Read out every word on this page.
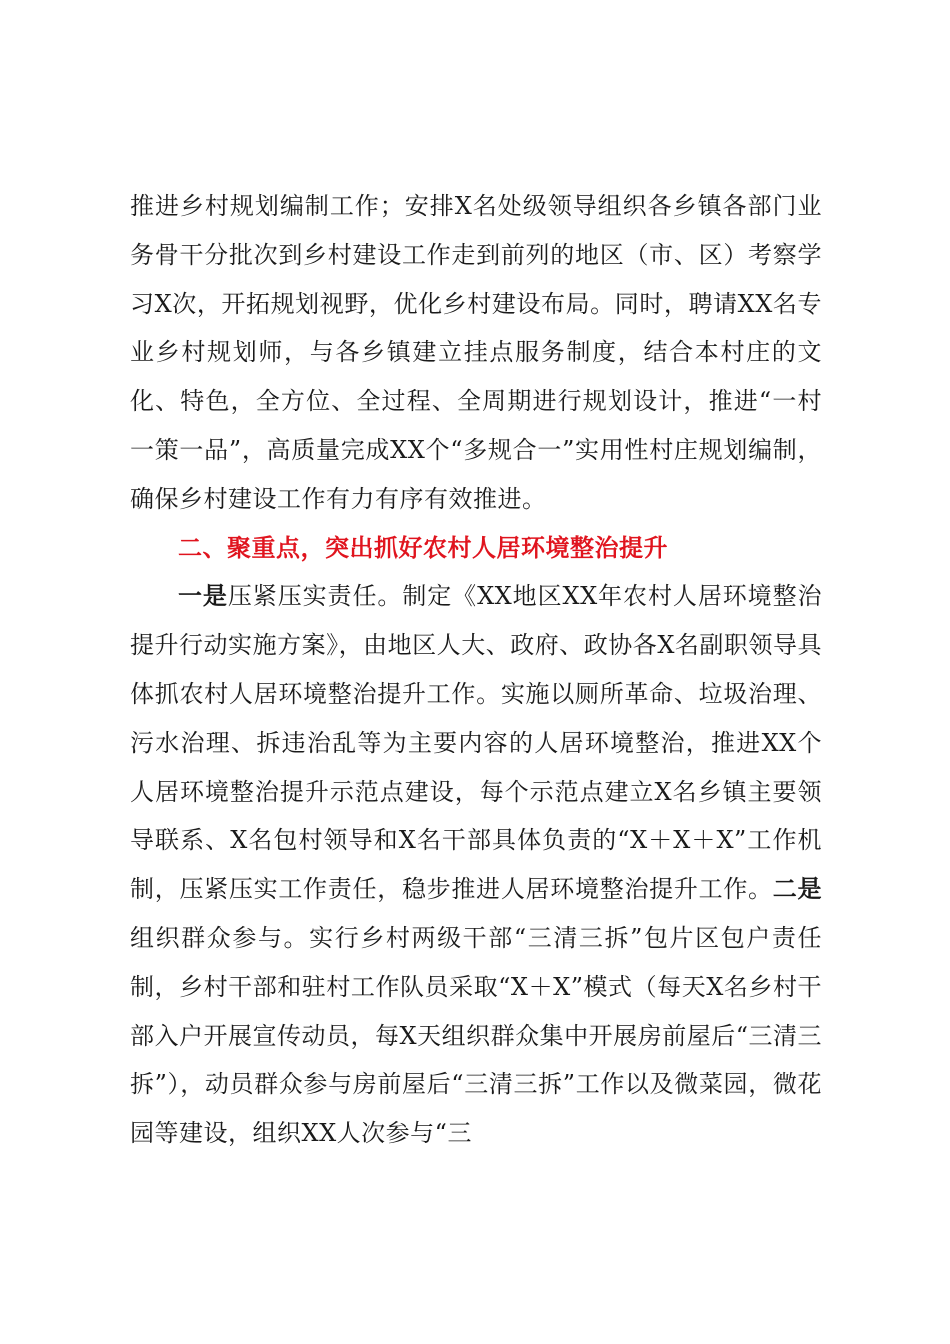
推进乡村规划编制工作；安排X名处级领导组织各乡镇各部门业务骨干分批次到乡村建设工作走到前列的地区（市、区）考察学习X次，开拓规划视野，优化乡村建设布局。同时，聘请XX名专业乡村规划师，与各乡镇建立挂点服务制度，结合本村庄的文化、特色，全方位、全过程、全周期进行规划设计，推进“一村一策一品”，高质量完成XX个“多规合一”实用性村庄规划编制，确保乡村建设工作有力有序有效推进。

二、聚重点，突出抓好农村人居环境整治提升

一是压紧压实责任。制定《XX地区XX年农村人居环境整治提升行动实施方案》，由地区人大、政府、政协各X名副职领导具体抓农村人居环境整治提升工作。实施以厕所革命、垃圾治理、污水治理、拆违治乱等为主要内容的人居环境整治，推进XX个人居环境整治提升示范点建设，每个示范点建立X名乡镇主要领导联系、X名包村领导和X名干部具体负责的“X＋X＋X”工作机制，压紧压实工作责任，稳步推进人居环境整治提升工作。二是组织群众参与。实行乡村两级干部“三清三拆”包片区包户责任制，乡村干部和驻村工作队员采取“X＋X”模式（每天X名乡村干部入户开展宣传动员，每X天组织群众集中开展房前屋后“三清三拆”），动员群众参与房前屋后“三清三拆”工作以及微菜园，微花园等建设，组织XX人次参与“三
